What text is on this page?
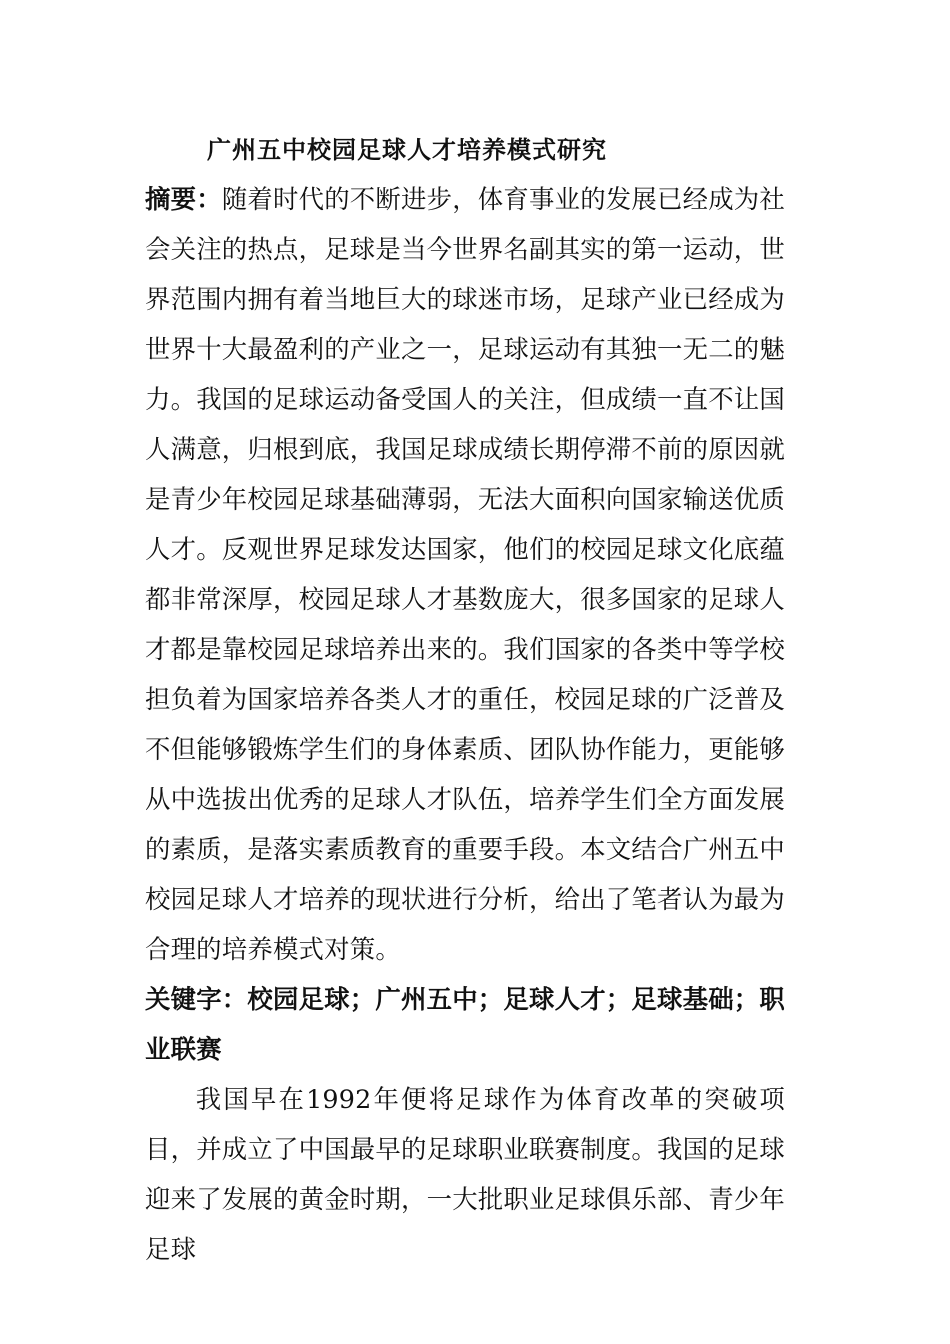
广州五中校园足球人才培养模式研究

摘要：随着时代的不断进步，体育事业的发展已经成为社会关注的热点，足球是当今世界名副其实的第一运动，世界范围内拥有着当地巨大的球迷市场，足球产业已经成为世界十大最盈利的产业之一，足球运动有其独一无二的魅力。我国的足球运动备受国人的关注，但成绩一直不让国人满意，归根到底，我国足球成绩长期停滞不前的原因就是青少年校园足球基础薄弱，无法大面积向国家输送优质人才。反观世界足球发达国家，他们的校园足球文化底蕴都非常深厚，校园足球人才基数庞大，很多国家的足球人才都是靠校园足球培养出来的。我们国家的各类中等学校担负着为国家培养各类人才的重任，校园足球的广泛普及不但能够锻炼学生们的身体素质、团队协作能力，更能够从中选拔出优秀的足球人才队伍，培养学生们全方面发展的素质，是落实素质教育的重要手段。本文结合广州五中校园足球人才培养的现状进行分析，给出了笔者认为最为合理的培养模式对策。

关键字：校园足球；广州五中；足球人才；足球基础；职业联赛

我国早在1992年便将足球作为体育改革的突破项目，并成立了中国最早的足球职业联赛制度。我国的足球迎来了发展的黄金时期，一大批职业足球俱乐部、青少年足球
